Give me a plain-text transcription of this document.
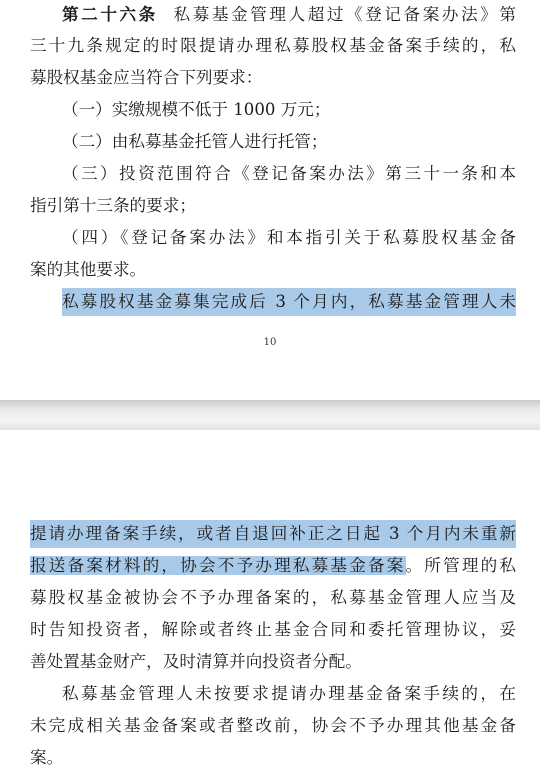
第二十六条 私募基金管理人超过《登记备案办法》第
三十九条规定的时限提请办理私募股权基金备案手续的，私
募股权基金应当符合下列要求：
（一）实缴规模不低于 1000 万元；
（二）由私募基金托管人进行托管；
（三）投资范围符合《登记备案办法》第三十一条和本
指引第十三条的要求；
（四）《登记备案办法》和本指引关于私募股权基金备
案的其他要求。
私募股权基金募集完成后 3 个月内，私募基金管理人未
10
提请办理备案手续，或者自退回补正之日起 3 个月内未重新
报送备案材料的，协会不予办理私募基金备案。所管理的私
募股权基金被协会不予办理备案的，私募基金管理人应当及
时告知投资者，解除或者终止基金合同和委托管理协议，妥
善处置基金财产，及时清算并向投资者分配。
私募基金管理人未按要求提请办理基金备案手续的，在
未完成相关基金备案或者整改前，协会不予办理其他基金备
案。
